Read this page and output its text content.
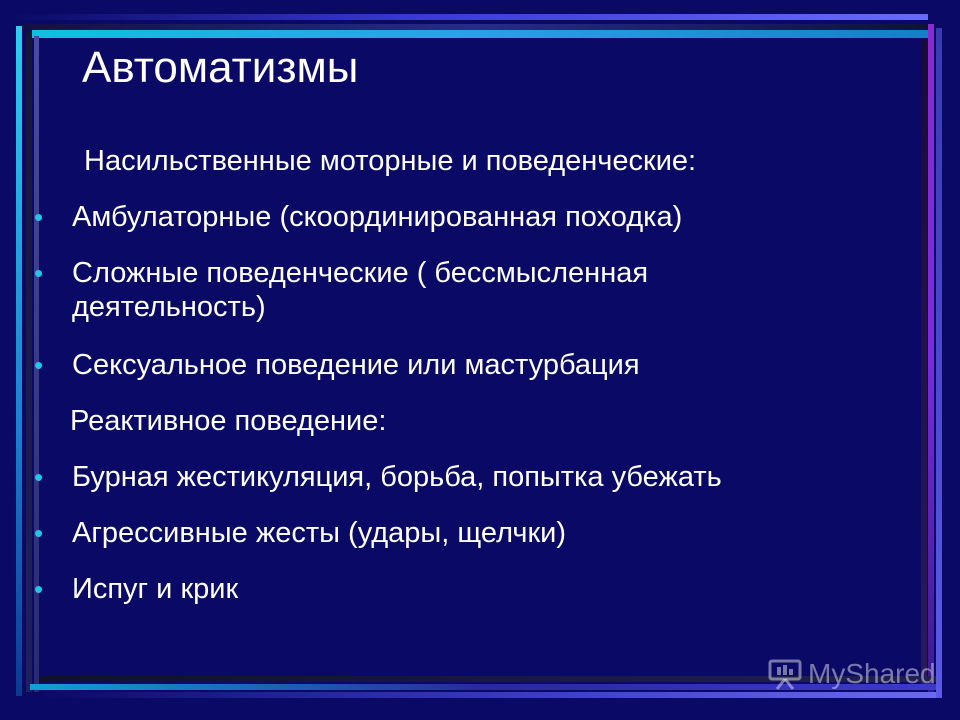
Автоматизмы
Насильственные моторные и поведенческие:
• Амбулаторные (скоординированная походка)
• Сложные поведенческие ( бессмысленная
деятельность)
• Сексуальное поведение или мастурбация
Реактивное поведение:
• Бурная жестикуляция, борьба, попытка убежать
• Агрессивные жесты (удары, щелчки)
• Испуг и крик
MyShared
